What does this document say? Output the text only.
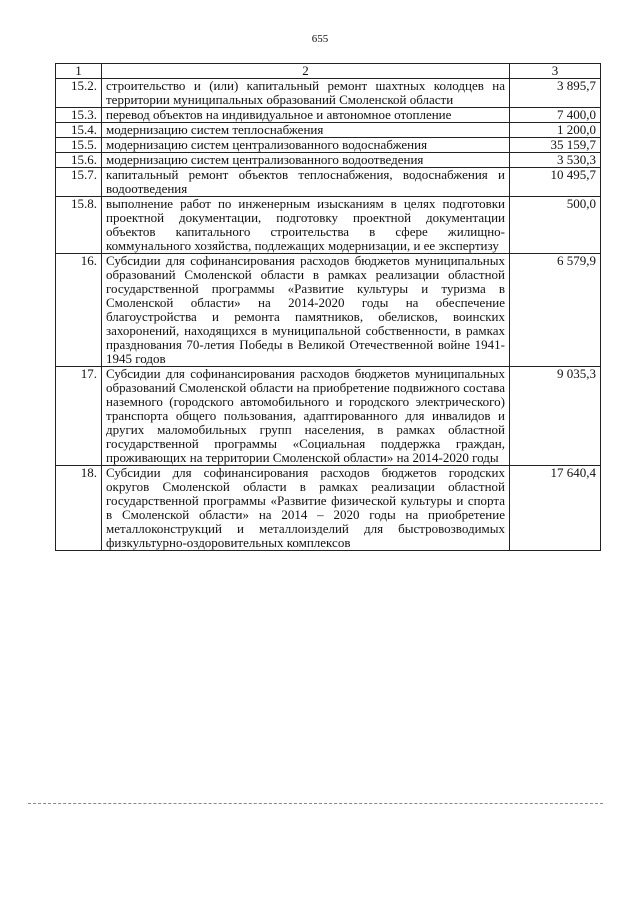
655
1	2	3
15.2.	строительство и (или) капитальный ремонт шахтных колодцев на территории муниципальных образований Смоленской области	3 895,7
15.3.	перевод объектов на индивидуальное и автономное отопление	7 400,0
15.4.	модернизацию систем теплоснабжения	1 200,0
15.5.	модернизацию систем централизованного водоснабжения	35 159,7
15.6.	модернизацию систем централизованного водоотведения	3 530,3
15.7.	капитальный ремонт объектов теплоснабжения, водоснабжения и водоотведения	10 495,7
15.8.	выполнение работ по инженерным изысканиям в целях подготовки проектной документации, подготовку проектной документации объектов капитального строительства в сфере жилищно-коммунального хозяйства, подлежащих модернизации, и ее экспертизу	500,0
16.	Субсидии для софинансирования расходов бюджетов муниципальных образований Смоленской области в рамках реализации областной государственной программы «Развитие культуры и туризма в Смоленской области» на 2014-2020 годы на обеспечение благоустройства и ремонта памятников, обелисков, воинских захоронений, находящихся в муниципальной собственности, в рамках празднования 70-летия Победы в Великой Отечественной войне 1941-1945 годов	6 579,9
17.	Субсидии для софинансирования расходов бюджетов муниципальных образований Смоленской области на приобретение подвижного состава наземного (городского автомобильного и городского электрического) транспорта общего пользования, адаптированного для инвалидов и других маломобильных групп населения, в рамках областной государственной программы «Социальная поддержка граждан, проживающих на территории Смоленской области» на 2014-2020 годы	9 035,3
18.	Субсидии для софинансирования расходов бюджетов городских округов Смоленской области в рамках реализации областной государственной программы «Развитие физической культуры и спорта в Смоленской области» на 2014 – 2020 годы на приобретение металлоконструкций и металлоизделий для быстровозводимых физкультурно-оздоровительных комплексов	17 640,4
